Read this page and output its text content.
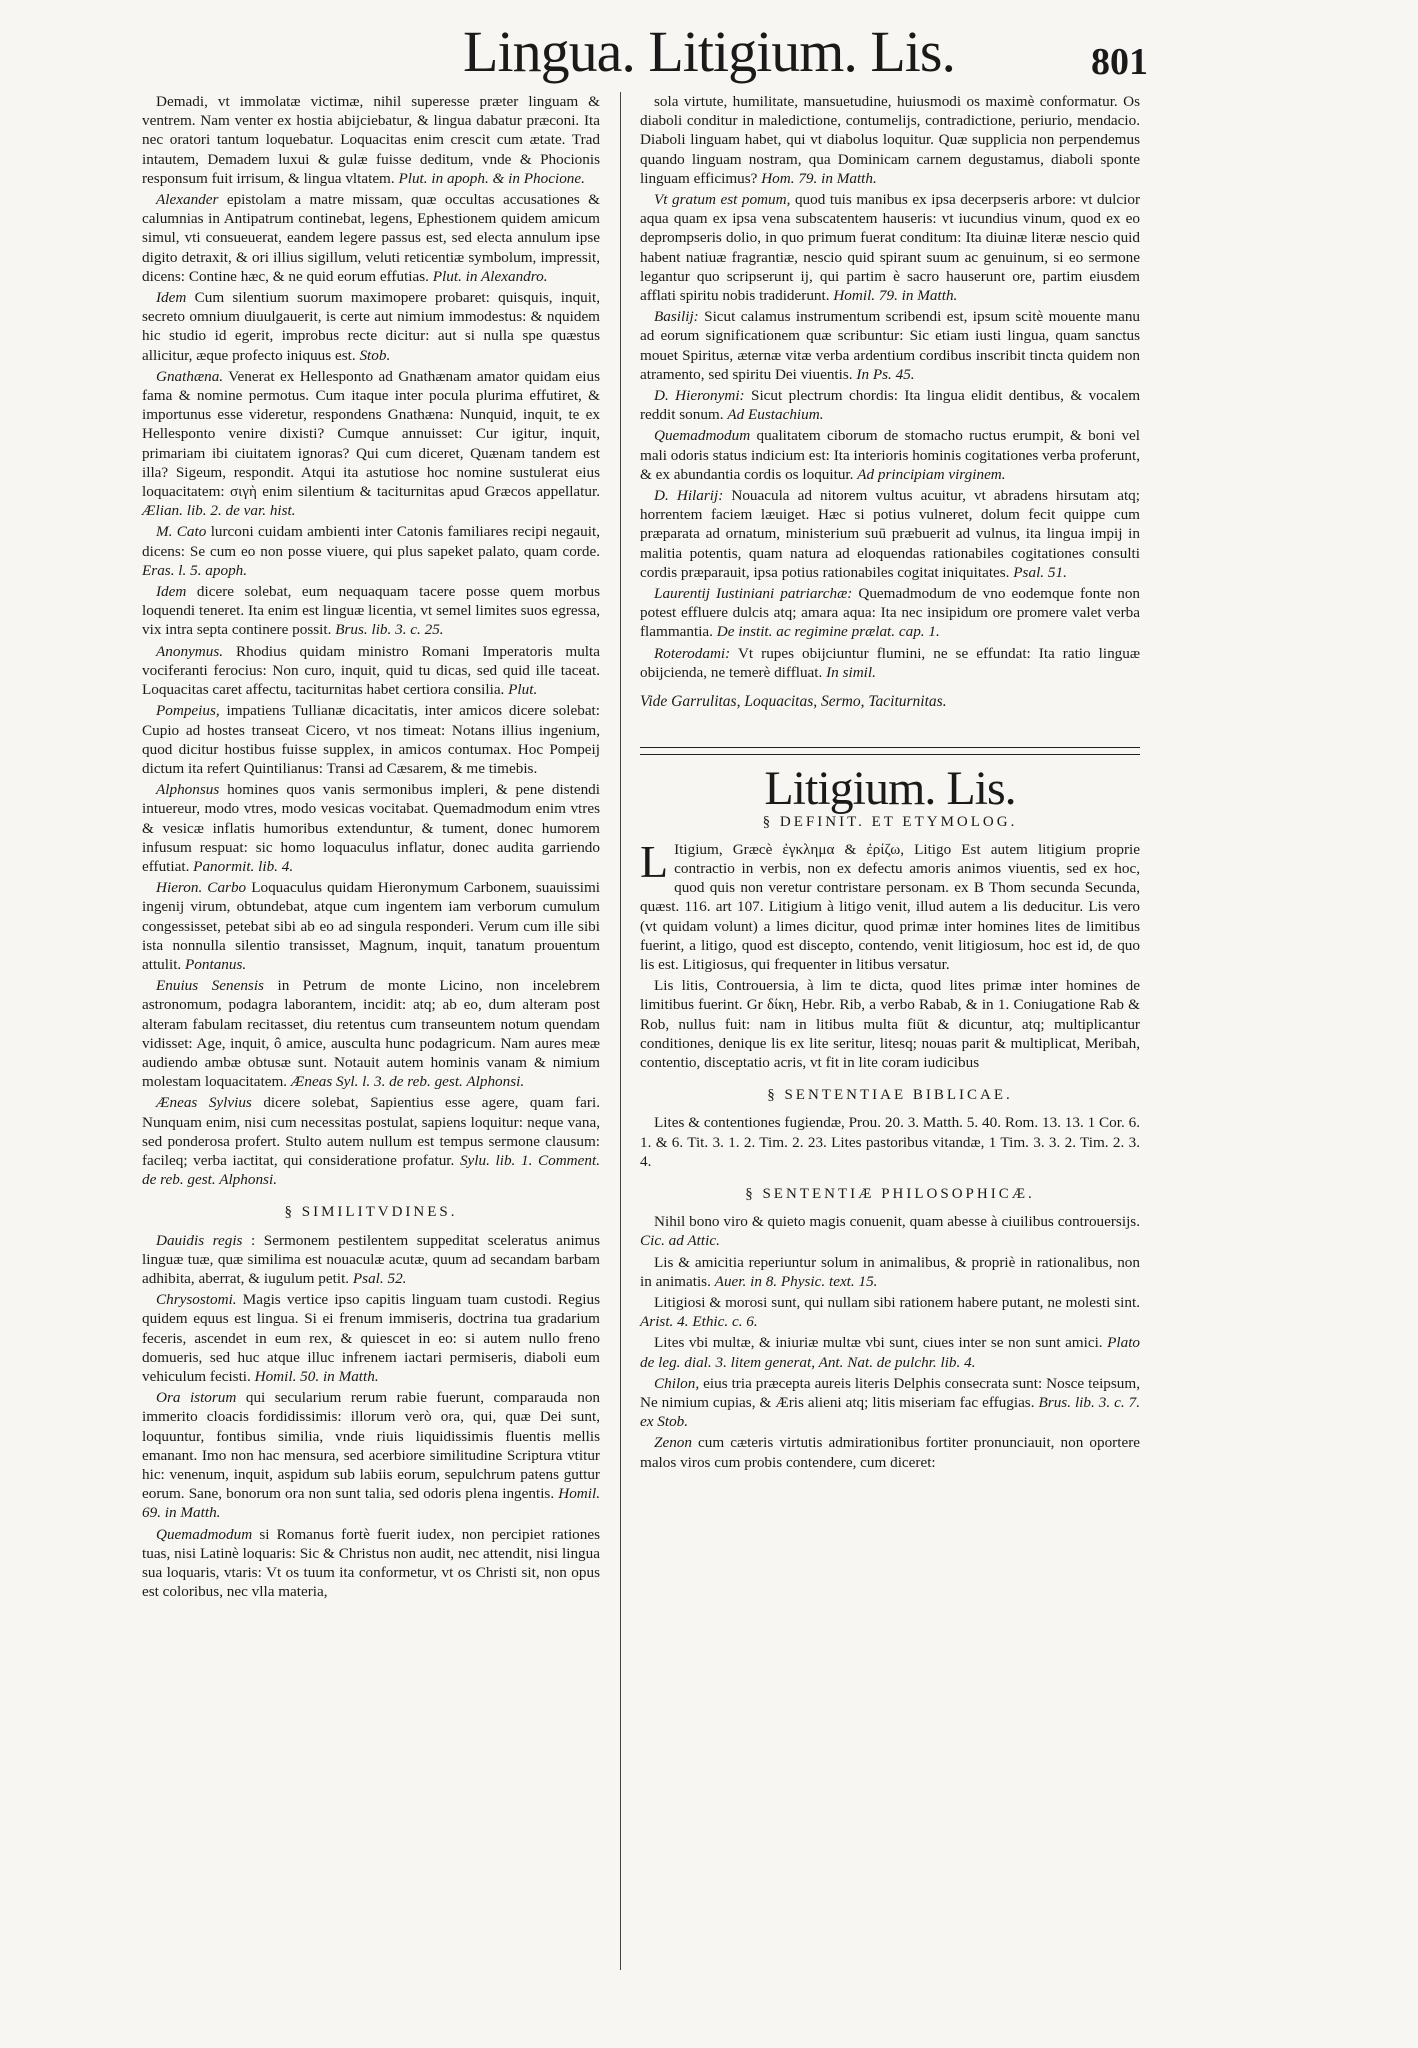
Lingua. Litigium. Lis.	801
Demadi, vt immolatæ victimæ, nihil superesse præter linguam & ventrem. Nam venter ex hostia abijciebatur, & lingua dabatur præconi. Ita nec oratori tantum loquebatur. Loquacitas enim crescit cum ætate. Trad intautem, Demadem luxui & gulæ fuisse deditum, vnde & Phocionis responsum fuit irrisum, & lingua vltatem. Plut. in apoph. & in Phocione.
Alexander epistolam a matre missam, quæ occultas accusationes & calumnias in Antipatrum continebat, legens, Ephestionem quidem amicum simul, vti consueuerat, eandem legere passus est, sed electa annulum ipse digito detraxit, & ori illius sigillum, veluti reticentiæ symbolum, impressit, dicens: Contine hæc, & ne quid eorum effutias. Plut. in Alexandro.
Idem Cum silentium suorum maximopere probaret: quisquis, inquit, secreto omnium diuulgauerit, is certe aut nimium immodestus: & nquidem hic studio id egerit, improbus recte dicitur: aut si nulla spe quæstus allicitur, æque profecto iniquus est. Stob.
Gnathæna. Venerat ex Hellesponto ad Gnathænam amator quidam eius fama & nomine permotus. Cum itaque inter pocula plurima effutiret, & importunus esse videretur, respondens Gnathæna: Nunquid, inquit, te ex Hellesponto venire dixisti? Cumque annuisset: Cur igitur, inquit, primariam ibi ciuitatem ignoras? Qui cum diceret, Quænam tandem est illa? Sigeum, respondit. Atqui ita astutiose hoc nomine sustulerat eius loquacitatem: σιγὴ enim silentium & taciturnitas apud Græcos appellatur. Ælian. lib. 2. de var. hist.
M. Cato lurconi cuidam ambienti inter Catonis familiares recipi negauit, dicens: Se cum eo non posse viuere, qui plus sapeket palato, quam corde. Eras. l. 5. apoph.
Idem dicere solebat, eum nequaquam tacere posse quem morbus loquendi teneret. Ita enim est linguæ licentia, vt semel limites suos egressa, vix intra septa continere possit. Brus. lib. 3. c. 25.
Anonymus. Rhodius quidam ministro Romani Imperatoris multa vociferanti ferocius: Non curo, inquit, quid tu dicas, sed quid ille taceat. Loquacitas caret affectu, taciturnitas habet certiora consilia. Plut.
Pompeius, impatiens Tullianæ dicacitatis, inter amicos dicere solebat: Cupio ad hostes transeat Cicero, vt nos timeat: Notans illius ingenium, quod dicitur hostibus fuisse supplex, in amicos contumax. Hoc Pompeij dictum ita refert Quintilianus: Transi ad Cæsarem, & me timebis.
Alphonsus homines quos vanis sermonibus impleri, & pene distendi intuereur, modo vtres, modo vesicas vocitabat. Quemadmodum enim vtres & vesicæ inflatis humoribus extenduntur, & tument, donec humorem infusum respuat: sic homo loquaculus inflatur, donec audita garriendo effutiat. Panormit. lib. 4.
Hieron. Carbo Loquaculus quidam Hieronymum Carbonem, suauissimi ingenij virum, obtundebat, atque cum ingentem iam verborum cumulum congessisset, petebat sibi ab eo ad singula responderi. Verum cum ille sibi ista nonnulla silentio transisset, Magnum, inquit, tanatum prouentum attulit. Pontanus.
Enuius Senensis in Petrum de monte Licino, non incelebrem astronomum, podagra laborantem, incidit: atq; ab eo, dum alteram post alteram fabulam recitasset, diu retentus cum transeuntem notum quendam vidisset: Age, inquit, ô amice, ausculta hunc podagricum. Nam aures meæ audiendo ambæ obtusæ sunt. Notauit autem hominis vanam & nimium molestam loquacitatem. Æneas Syl. l. 3. de reb. gest. Alphonsi.
Æneas Sylvius dicere solebat, Sapientius esse agere, quam fari. Nunquam enim, nisi cum necessitas postulat, sapiens loquitur: neque vana, sed ponderosa profert. Stulto autem nullum est tempus sermone clausum: facileq; verba iactitat, qui consideratione profatur. Sylu. lib. 1. Comment. de reb. gest. Alphonsi.
§ SIMILITVDINES.
Dauidis regis : Sermonem pestilentem suppeditat sceleratus animus linguæ tuæ, quæ similima est nouaculæ acutæ, quum ad secandam barbam adhibita, aberrat, & iugulum petit. Psal. 52.
Chrysostomi. Magis vertice ipso capitis linguam tuam custodi. Regius quidem equus est lingua. Si ei frenum immiseris, doctrina tua gradarium feceris, ascendet in eum rex, & quiescet in eo: si autem nullo freno domueris, sed huc atque illuc infrenem iactari permiseris, diaboli eum vehiculum fecisti. Homil. 50. in Matth.
Ora istorum qui secularium rerum rabie fuerunt, comparauda non immerito cloacis fordidissimis: illorum verò ora, qui, quæ Dei sunt, loquuntur, fontibus similia, vnde riuis liquidissimis fluentis mellis emanant. Imo non hac mensura, sed acerbiore similitudine Scriptura vtitur hic: venenum, inquit, aspidum sub labiis eorum, sepulchrum patens guttur eorum. Sane, bonorum ora non sunt talia, sed odoris plena ingentis. Homil. 69. in Matth.
Quemadmodum si Romanus fortè fuerit iudex, non percipiet rationes tuas, nisi Latinè loquaris: Sic & Christus non audit, nec attendit, nisi lingua sua loquaris, vtaris: Vt os tuum ita conformetur, vt os Christi sit, non opus est coloribus, nec vlla materia,
sola virtute, humilitate, mansuetudine, huiusmodi os maximè conformatur. Os diaboli conditur in maledictione, contumelijs, contradictione, periurio, mendacio. Diaboli linguam habet, qui vt diabolus loquitur. Quæ supplicia non perpendemus quando linguam nostram, qua Dominicam carnem degustamus, diaboli sponte linguam efficimus? Hom. 79. in Matth.
Vt gratum est pomum, quod tuis manibus ex ipsa decerpseris arbore: vt dulcior aqua quam ex ipsa vena subscatentem hauseris: vt iucundius vinum, quod ex eo deprompseris dolio, in quo primum fuerat conditum: Ita diuinæ literæ nescio quid habent natiuæ fragrantiæ, nescio quid spirant suum ac genuinum, si eo sermone legantur quo scripserunt ij, qui partim è sacro hauserunt ore, partim eiusdem afflati spiritu nobis tradiderunt. Homil. 79. in Matth.
Basilij: Sicut calamus instrumentum scribendi est, ipsum scitè mouente manu ad eorum significationem quæ scribuntur: Sic etiam iusti lingua, quam sanctus mouet Spiritus, æternæ vitæ verba ardentium cordibus inscribit tincta quidem non atramento, sed spiritu Dei viuentis. In Ps. 45.
D. Hieronymi: Sicut plectrum chordis: Ita lingua elidit dentibus, & vocalem reddit sonum. Ad Eustachium.
Quemadmodum qualitatem ciborum de stomacho ructus erumpit, & boni vel mali odoris status indicium est: Ita interioris hominis cogitationes verba proferunt, & ex abundantia cordis os loquitur. Ad principiam virginem.
D. Hilarij: Nouacula ad nitorem vultus acuitur, vt abradens hirsutam atq; horrentem faciem læuiget. Hæc si potius vulneret, dolum fecit quippe cum præparata ad ornatum, ministerium suū præbuerit ad vulnus, ita lingua impij in malitia potentis, quam natura ad eloquendas rationabiles cogitationes consulti cordis præparauit, ipsa potius rationabiles cogitat iniquitates. Psal. 51.
Laurentij Iustiniani patriarchæ: Quemadmodum de vno eodemque fonte non potest effluere dulcis atq; amara aqua: Ita nec insipidum ore promere valet verba flammantia. De instit. ac regimine prælat. cap. 1.
Roterodami: Vt rupes obijciuntur flumini, ne se effundat: Ita ratio linguæ obijcienda, ne temerè diffluat. In simil.
Vide Garrulitas, Loquacitas, Sermo, Taciturnitas.
Litigium. Lis.
§ DEFINIT. ET ETYMOLOG.
L Itigium, Græcè ἐγκλημα & ἐρίζω, Litigo Est autem litigium proprie contractio in verbis, non ex defectu amoris animos viuentis, sed ex hoc, quod quis non veretur contristare personam. ex B Thom secunda Secunda, quæst. 116. art 107. Litigium à litigo venit, illud autem a lis deducitur. Lis vero (vt quidam volunt) a limes dicitur, quod primæ inter homines lites de limitibus fuerint, a litigo, quod est discepto, contendo, venit litigiosum, hoc est id, de quo lis est. Litigiosus, qui frequenter in litibus versatur.
Lis litis, Controuersia, à lim te dicta, quod lites primæ inter homines de limitibus fuerint. Gr δίκη, Hebr. Rib, a verbo Rabab, & in 1. Coniugatione Rab & Rob, nullus fuit: nam in litibus multa fiūt & dicuntur, atq; multiplicantur conditiones, denique lis ex lite seritur, litesq; nouas parit & multiplicat, Meribah, contentio, disceptatio acris, vt fit in lite coram iudicibus
§ SENTENTIAE BIBLICAE.
Lites & contentiones fugiendæ, Prou. 20. 3. Matth. 5. 40. Rom. 13. 13. 1 Cor. 6. 1. & 6. Tit. 3. 1. 2. Tim. 2. 23. Lites pastoribus vitandæ, 1 Tim. 3. 3. 2. Tim. 2. 3. 4.
§ SENTENTIÆ PHILOSOPHICÆ.
Nihil bono viro & quieto magis conuenit, quam abesse à ciuilibus controuersijs. Cic. ad Attic.
Lis & amicitia reperiuntur solum in animalibus, & propriè in rationalibus, non in animatis. Auer. in 8. Physic. text. 15.
Litigiosi & morosi sunt, qui nullam sibi rationem habere putant, ne molesti sint. Arist. 4. Ethic. c. 6.
Lites vbi multæ, & iniuriæ multæ vbi sunt, ciues inter se non sunt amici. Plato de leg. dial. 3. litem generat, Ant. Nat. de pulchr. lib. 4.
Chilon, eius tria præcepta aureis literis Delphis consecrata sunt: Nosce teipsum, Ne nimium cupias, & Æris alieni atq; litis miseriam fac effugias. Brus. lib. 3. c. 7. ex Stob.
Zenon cum cæteris virtutis admirationibus fortiter pronunciauit, non oportere malos viros cum probis contendere, cum diceret:
